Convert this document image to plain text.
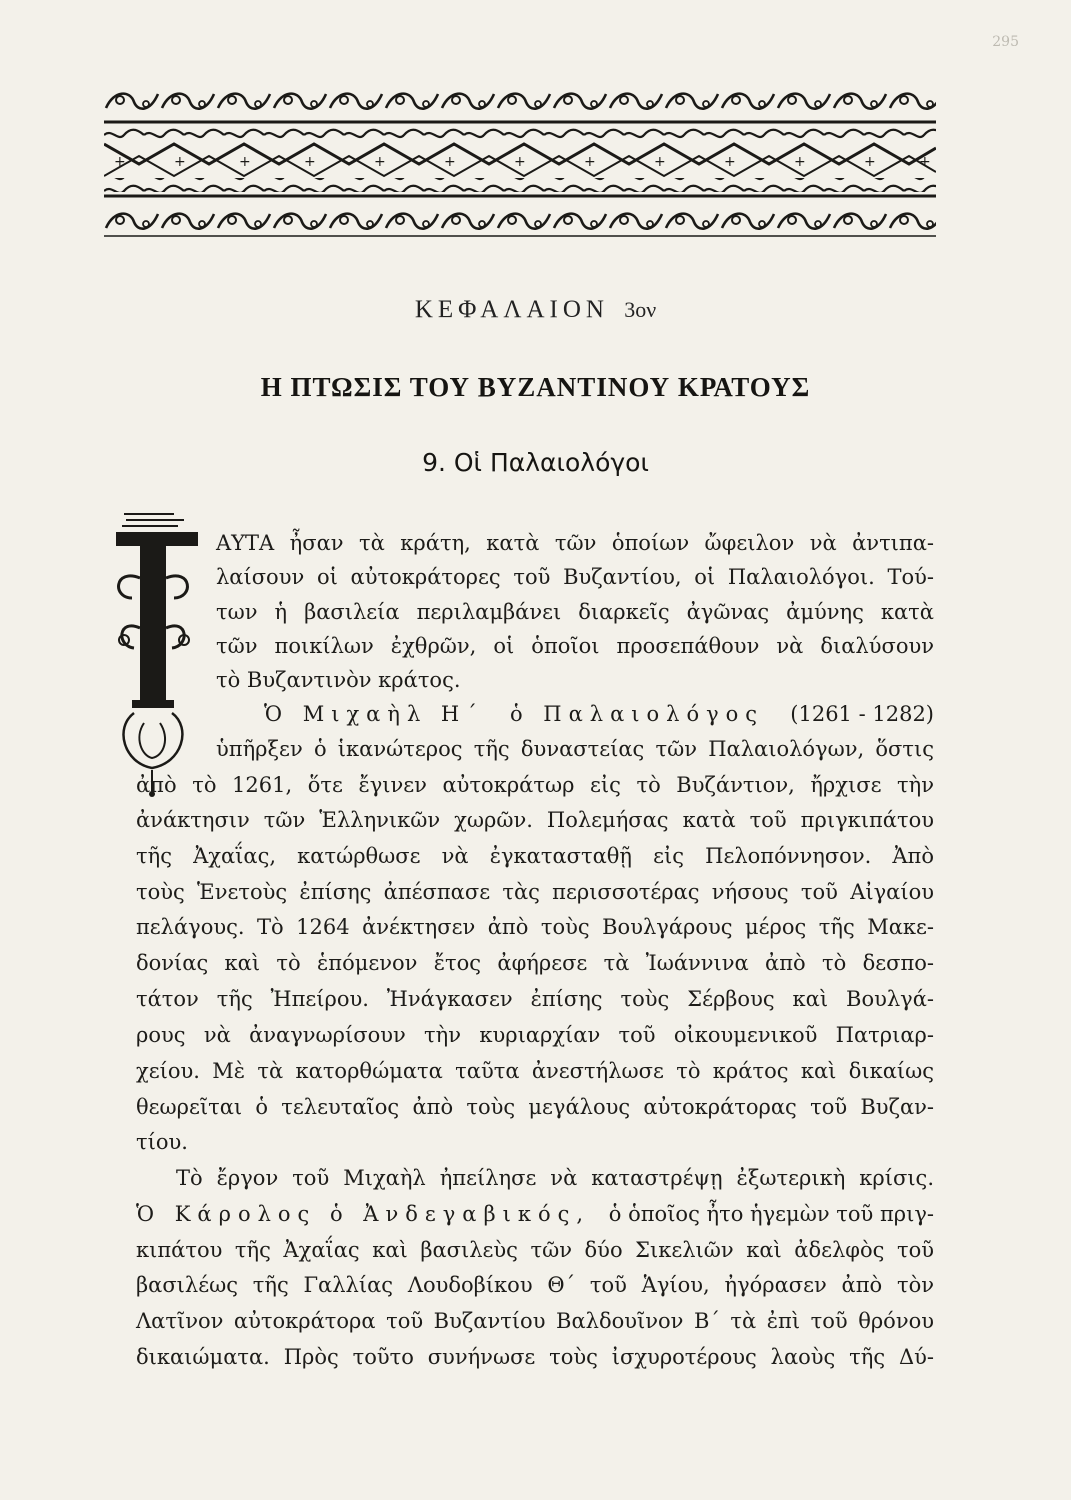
295
+	+	+	+	+	+	+	+	+	+	+	+	+
ΚΕΦΑΛΑΙΟΝ 3ον
Η ΠΤΩΣΙΣ ΤΟΥ ΒΥΖΑΝΤΙΝΟΥ ΚΡΑΤΟΥΣ
9. Οἱ Παλαιολόγοι
ΑΥΤΑ ἦσαν τὰ κράτη, κατὰ τῶν ὁποίων ὤφειλον νὰ ἀντιπα-
λαίσουν οἱ αὐτοκράτορες τοῦ Βυζαντίου, οἱ Παλαιολόγοι. Τού-
των ἡ βασιλεία περιλαμβάνει διαρκεῖς ἀγῶνας ἀμύνης κατὰ
τῶν ποικίλων ἐχθρῶν, οἱ ὁποῖοι προσεπάθουν νὰ διαλύσουν
τὸ Βυζαντινὸν κράτος.
Ὁ Μιχαὴλ Η΄ ὁ Παλαιολόγος (1261 - 1282)
ὑπῆρξεν ὁ ἱκανώτερος τῆς δυναστείας τῶν Παλαιολόγων, ὅστις
ἀπὸ τὸ 1261, ὅτε ἔγινεν αὐτοκράτωρ εἰς τὸ Βυζάντιον, ἤρχισε τὴν
ἀνάκτησιν τῶν Ἑλληνικῶν χωρῶν. Πολεμήσας κατὰ τοῦ πριγκιπάτου
τῆς Ἀχαΐας, κατώρθωσε νὰ ἐγκατασταθῇ εἰς Πελοπόννησον. Ἀπὸ
τοὺς Ἑνετοὺς ἐπίσης ἀπέσπασε τὰς περισσοτέρας νήσους τοῦ Αἰγαίου
πελάγους. Τὸ 1264 ἀνέκτησεν ἀπὸ τοὺς Βουλγάρους μέρος τῆς Μακε-
δονίας καὶ τὸ ἑπόμενον ἔτος ἀφήρεσε τὰ Ἰωάννινα ἀπὸ τὸ δεσπο-
τάτον τῆς Ἠπείρου. Ἠνάγκασεν ἐπίσης τοὺς Σέρβους καὶ Βουλγά-
ρους νὰ ἀναγνωρίσουν τὴν κυριαρχίαν τοῦ οἰκουμενικοῦ Πατριαρ-
χείου. Μὲ τὰ κατορθώματα ταῦτα ἀνεστήλωσε τὸ κράτος καὶ δικαίως
θεωρεῖται ὁ τελευταῖος ἀπὸ τοὺς μεγάλους αὐτοκράτορας τοῦ Βυζαν-
τίου.
Τὸ ἔργον τοῦ Μιχαὴλ ἠπείλησε νὰ καταστρέψῃ ἐξωτερικὴ κρίσις.
Ὁ Κάρολος ὁ Ἀνδεγαβικός, ὁ ὁποῖος ἦτο ἡγεμὼν τοῦ πριγ-
κιπάτου τῆς Ἀχαΐας καὶ βασιλεὺς τῶν δύο Σικελιῶν καὶ ἀδελφὸς τοῦ
βασιλέως τῆς Γαλλίας Λουδοβίκου Θ΄ τοῦ Ἁγίου, ἠγόρασεν ἀπὸ τὸν
Λατῖνον αὐτοκράτορα τοῦ Βυζαντίου Βαλδουῖνον Β΄ τὰ ἐπὶ τοῦ θρόνου
δικαιώματα. Πρὸς τοῦτο συνήνωσε τοὺς ἰσχυροτέρους λαοὺς τῆς Δύ-
